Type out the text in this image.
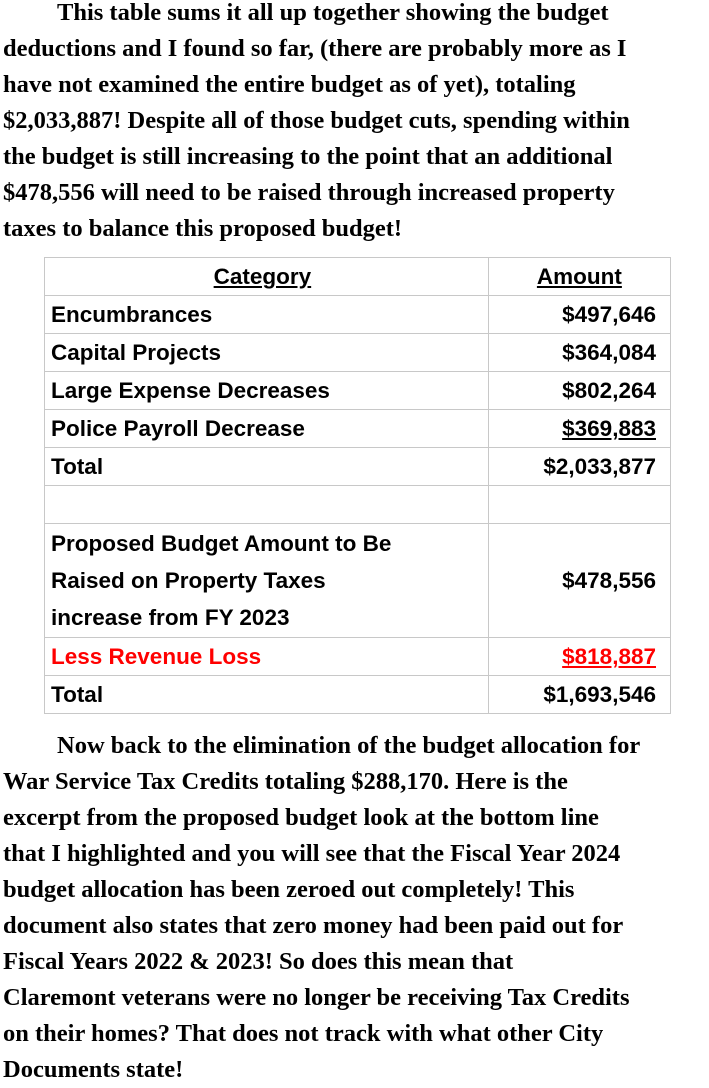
This table sums it all up together showing the budget
deductions and I found so far, (there are probably more as I
have not examined the entire budget as of yet), totaling
$2,033,887! Despite all of those budget cuts, spending within
the budget is still increasing to the point that an additional
$478,556 will need to be raised through increased property
taxes to balance this proposed budget!

Category	Amount
Encumbrances	$497,646
Capital Projects	$364,084
Large Expense Decreases	$802,264
Police Payroll Decrease	$369,883
Total	$2,033,877

Proposed Budget Amount to Be
Raised on Property Taxes
increase from FY 2023	$478,556
Less Revenue Loss	$818,887
Total	$1,693,546

Now back to the elimination of the budget allocation for
War Service Tax Credits totaling $288,170. Here is the
excerpt from the proposed budget look at the bottom line
that I highlighted and you will see that the Fiscal Year 2024
budget allocation has been zeroed out completely! This
document also states that zero money had been paid out for
Fiscal Years 2022 & 2023! So does this mean that
Claremont veterans were no longer be receiving Tax Credits
on their homes? That does not track with what other City
Documents state!
